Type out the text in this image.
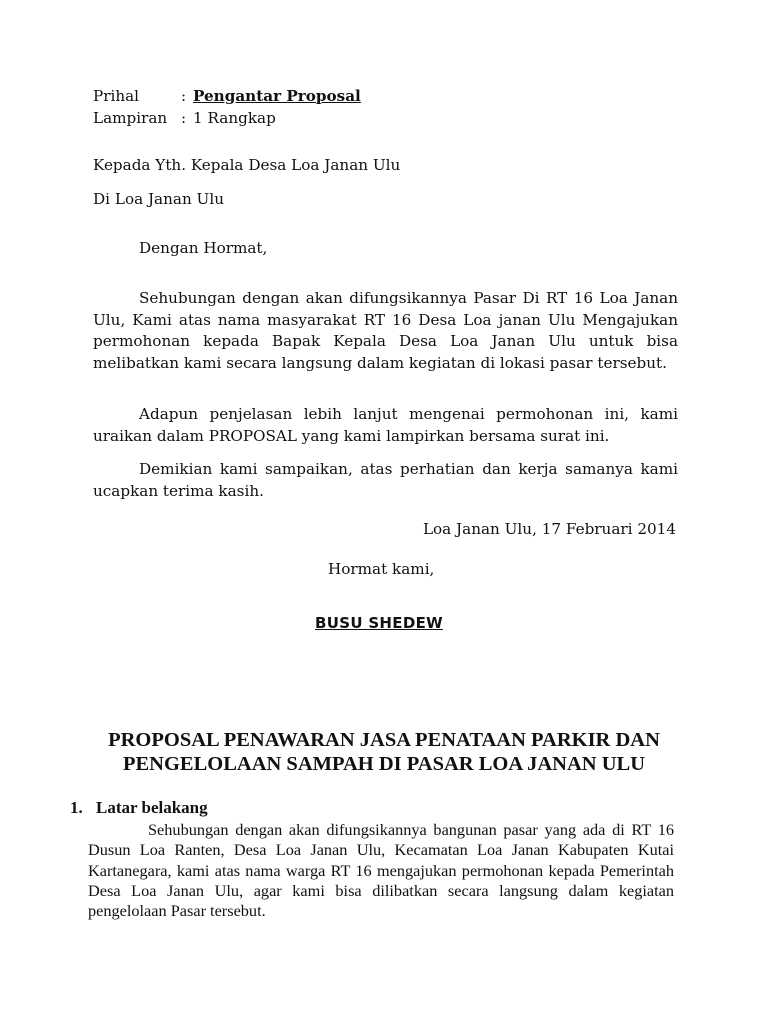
Prihal	: Pengantar Proposal
Lampiran : 1 Rangkap
Kepada Yth. Kepala Desa Loa Janan Ulu
Di Loa Janan Ulu
Dengan Hormat,
Sehubungan dengan akan difungsikannya Pasar Di RT 16 Loa Janan Ulu, Kami atas nama masyarakat RT 16 Desa Loa janan Ulu Mengajukan permohonan kepada Bapak Kepala Desa Loa Janan Ulu untuk bisa melibatkan kami secara langsung dalam kegiatan di lokasi pasar tersebut.
Adapun penjelasan lebih lanjut mengenai permohonan ini, kami uraikan dalam PROPOSAL yang kami lampirkan bersama surat ini.
Demikian kami sampaikan, atas perhatian dan kerja samanya kami ucapkan terima kasih.
Loa Janan Ulu, 17 Februari 2014
Hormat kami,
BUSU SHEDEW
PROPOSAL PENAWARAN JASA PENATAAN PARKIR DAN
PENGELOLAAN SAMPAH DI PASAR LOA JANAN ULU
1. Latar belakang
Sehubungan dengan akan difungsikannya bangunan pasar yang ada di RT 16 Dusun Loa Ranten, Desa Loa Janan Ulu, Kecamatan Loa Janan Kabupaten Kutai Kartanegara, kami atas nama warga RT 16 mengajukan permohonan kepada Pemerintah Desa Loa Janan Ulu, agar kami bisa dilibatkan secara langsung dalam kegiatan pengelolaan Pasar tersebut.
